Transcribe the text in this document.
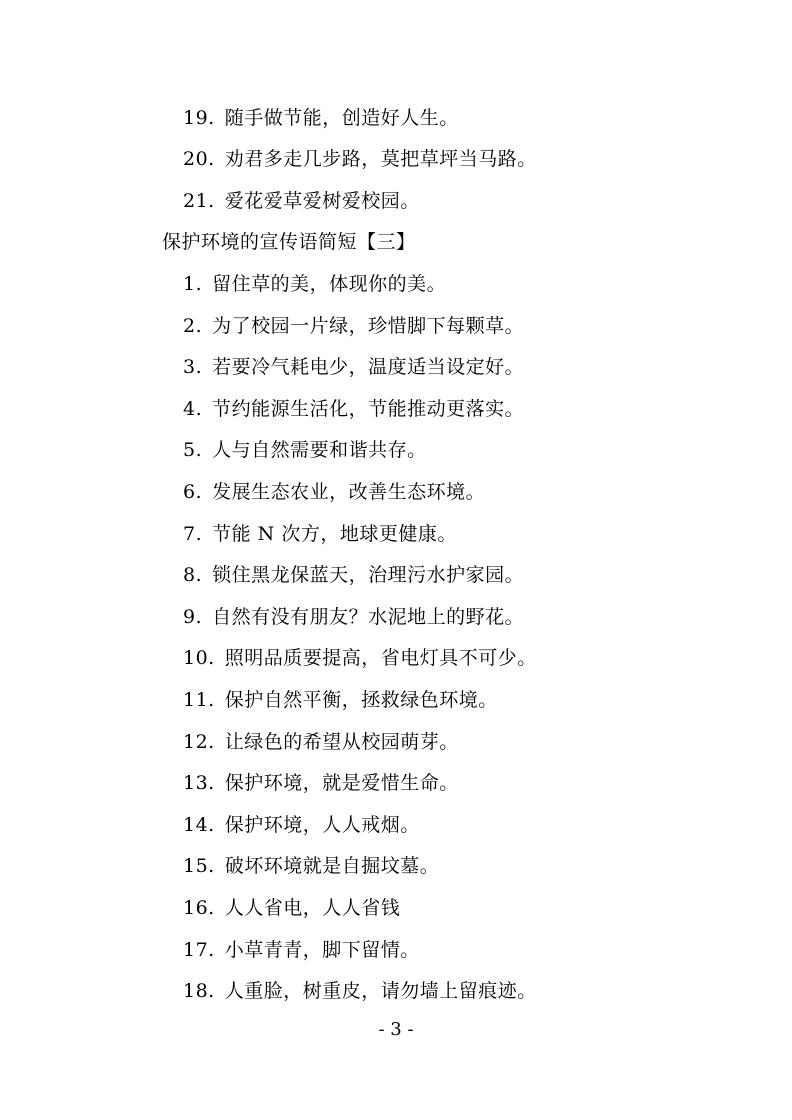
19. 随手做节能，创造好人生。
20. 劝君多走几步路，莫把草坪当马路。
21. 爱花爱草爱树爱校园。
保护环境的宣传语简短【三】
1. 留住草的美，体现你的美。
2. 为了校园一片绿，珍惜脚下每颗草。
3. 若要冷气耗电少，温度适当设定好。
4. 节约能源生活化，节能推动更落实。
5. 人与自然需要和谐共存。
6. 发展生态农业，改善生态环境。
7. 节能 N 次方，地球更健康。
8. 锁住黑龙保蓝天，治理污水护家园。
9. 自然有没有朋友？水泥地上的野花。
10. 照明品质要提高，省电灯具不可少。
11. 保护自然平衡，拯救绿色环境。
12. 让绿色的希望从校园萌芽。
13. 保护环境，就是爱惜生命。
14. 保护环境，人人戒烟。
15. 破坏环境就是自掘坟墓。
16. 人人省电，人人省钱
17. 小草青青，脚下留情。
18. 人重脸，树重皮，请勿墙上留痕迹。
- 3 -
